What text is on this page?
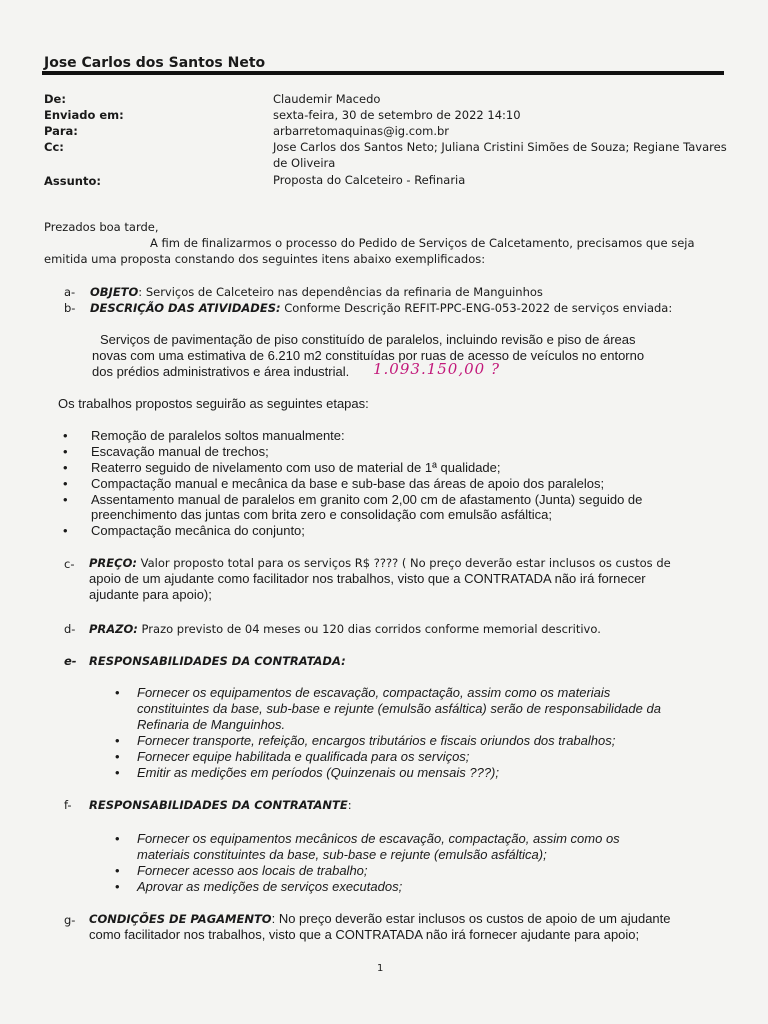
Jose Carlos dos Santos Neto
De:	Claudemir Macedo
Enviado em:	sexta-feira, 30 de setembro de 2022 14:10
Para:	arbarretomaquinas@ig.com.br
Cc:	Jose Carlos dos Santos Neto; Juliana Cristini Simões de Souza; Regiane Tavares de Oliveira
Assunto:	Proposta do Calceteiro - Refinaria
Prezados boa tarde,
A fim de finalizarmos o processo do Pedido de Serviços de Calcetamento, precisamos que seja
emitida uma proposta constando dos seguintes itens abaixo exemplificados:
a- OBJETO: Serviços de Calceteiro nas dependências da refinaria de Manguinhos
b- DESCRIÇÃO DAS ATIVIDADES: Conforme Descrição REFIT-PPC-ENG-053-2022 de serviços enviada:
Serviços de pavimentação de piso constituído de paralelos, incluindo revisão e piso de áreas
novas com uma estimativa de 6.210 m2 constituídas por ruas de acesso de veículos no entorno
dos prédios administrativos e área industrial. 1.093.150,00 ?
Os trabalhos propostos seguirão as seguintes etapas:
• Remoção de paralelos soltos manualmente:
• Escavação manual de trechos;
• Reaterro seguido de nivelamento com uso de material de 1ª qualidade;
• Compactação manual e mecânica da base e sub-base das áreas de apoio dos paralelos;
• Assentamento manual de paralelos em granito com 2,00 cm de afastamento (Junta) seguido de
preenchimento das juntas com brita zero e consolidação com emulsão asfáltica;
• Compactação mecânica do conjunto;
c- PREÇO: Valor proposto total para os serviços R$ ???? ( No preço deverão estar inclusos os custos de
apoio de um ajudante como facilitador nos trabalhos, visto que a CONTRATADA não irá fornecer
ajudante para apoio);
d- PRAZO: Prazo previsto de 04 meses ou 120 dias corridos conforme memorial descritivo.
e- RESPONSABILIDADES DA CONTRATADA:
• Fornecer os equipamentos de escavação, compactação, assim como os materiais
constituintes da base, sub-base e rejunte (emulsão asfáltica) serão de responsabilidade da
Refinaria de Manguinhos.
• Fornecer transporte, refeição, encargos tributários e fiscais oriundos dos trabalhos;
• Fornecer equipe habilitada e qualificada para os serviços;
• Emitir as medições em períodos (Quinzenais ou mensais ???);
f- RESPONSABILIDADES DA CONTRATANTE:
• Fornecer os equipamentos mecânicos de escavação, compactação, assim como os
materiais constituintes da base, sub-base e rejunte (emulsão asfáltica);
• Fornecer acesso aos locais de trabalho;
• Aprovar as medições de serviços executados;
g- CONDIÇÕES DE PAGAMENTO: No preço deverão estar inclusos os custos de apoio de um ajudante
como facilitador nos trabalhos, visto que a CONTRATADA não irá fornecer ajudante para apoio;
1
